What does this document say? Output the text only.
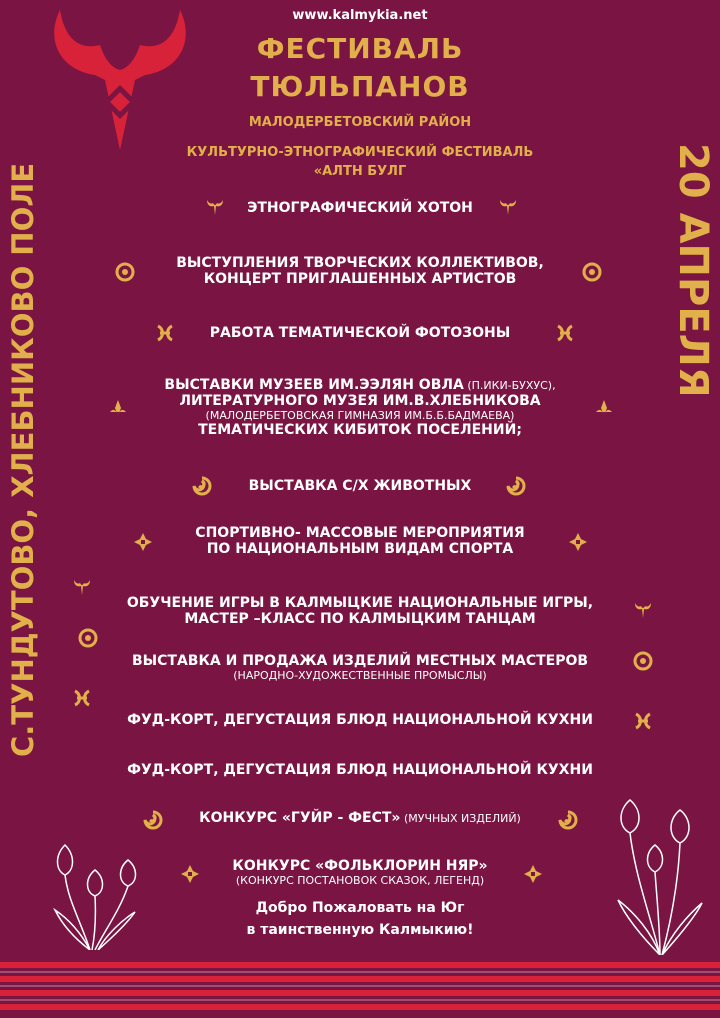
www.kalmykia.net
ФЕСТИВАЛЬ
ТЮЛЬПАНОВ
МАЛОДЕРБЕТОВСКИЙ РАЙОН
КУЛЬТУРНО-ЭТНОГРАФИЧЕСКИЙ ФЕСТИВАЛЬ
«АЛТН БУЛГ
С.ТУНДУТОВО, ХЛЕБНИКОВО ПОЛЕ	20 АПРЕЛЯ
ЭТНОГРАФИЧЕСКИЙ ХОТОН
ВЫСТУПЛЕНИЯ ТВОРЧЕСКИХ КОЛЛЕКТИВОВ,
КОНЦЕРТ ПРИГЛАШЕННЫХ АРТИСТОВ
РАБОТА ТЕМАТИЧЕСКОЙ ФОТОЗОНЫ
ВЫСТАВКИ МУЗЕЕВ ИМ.ЭЭЛЯН ОВЛА (П.ИКИ-БУХУС),
ЛИТЕРАТУРНОГО МУЗЕЯ ИМ.В.ХЛЕБНИКОВА
(МАЛОДЕРБЕТОВСКАЯ ГИМНАЗИЯ ИМ.Б.Б.БАДМАЕВА)
ТЕМАТИЧЕСКИХ КИБИТОК ПОСЕЛЕНИЙ;
ВЫСТАВКА С/Х ЖИВОТНЫХ
СПОРТИВНО- МАССОВЫЕ МЕРОПРИЯТИЯ
ПО НАЦИОНАЛЬНЫМ ВИДАМ СПОРТА
ОБУЧЕНИЕ ИГРЫ В КАЛМЫЦКИЕ НАЦИОНАЛЬНЫЕ ИГРЫ,
МАСТЕР –КЛАСС ПО КАЛМЫЦКИМ ТАНЦАМ
ВЫСТАВКА И ПРОДАЖА ИЗДЕЛИЙ МЕСТНЫХ МАСТЕРОВ
(НАРОДНО-ХУДОЖЕСТВЕННЫЕ ПРОМЫСЛЫ)
ФУД-КОРТ, ДЕГУСТАЦИЯ БЛЮД НАЦИОНАЛЬНОЙ КУХНИ
ФУД-КОРТ, ДЕГУСТАЦИЯ БЛЮД НАЦИОНАЛЬНОЙ КУХНИ
КОНКУРС «ГУЙР - ФЕСТ» (МУЧНЫХ ИЗДЕЛИЙ)
КОНКУРС «ФОЛЬКЛОРИН НЯР»
(КОНКУРС ПОСТАНОВОК СКАЗОК, ЛЕГЕНД)
Добро Пожаловать на Юг
в таинственную Калмыкию!
